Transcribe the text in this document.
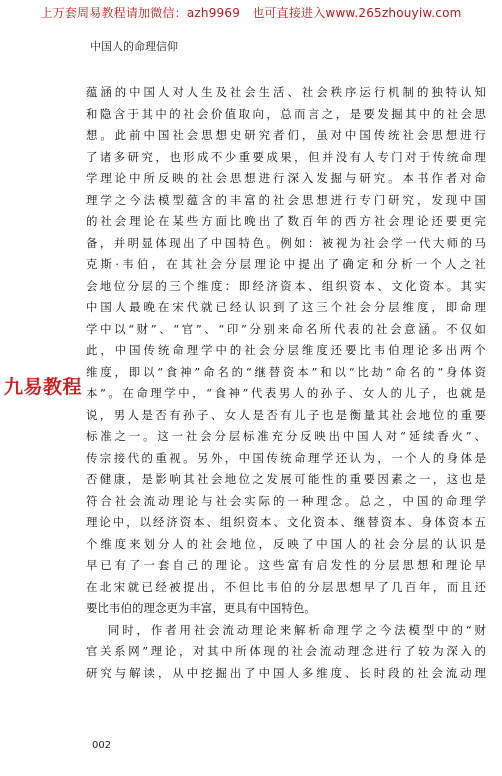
上万套周易教程请加微信：azh9969　也可直接进入www.265zhouyiw.com
中国人的命理信仰
蕴涵的中国人对人生及社会生活、社会秩序运行机制的独特认知
和隐含于其中的社会价值取向，总而言之，是要发掘其中的社会思
想。此前中国社会思想史研究者们，虽对中国传统社会思想进行
了诸多研究，也形成不少重要成果，但并没有人专门对于传统命理
学理论中所反映的社会思想进行深入发掘与研究。本书作者对命
理学之今法模型蕴含的丰富的社会思想进行专门研究，发现中国
的社会理论在某些方面比晚出了数百年的西方社会理论还要更完
备，并明显体现出了中国特色。例如：被视为社会学一代大师的马
克斯·韦伯，在其社会分层理论中提出了确定和分析一个人之社
会地位分层的三个维度：即经济资本、组织资本、文化资本。其实
中国人最晚在宋代就已经认识到了这三个社会分层维度，即命理
学中以“财”、“官”、“印”分别来命名所代表的社会意涵。不仅如
此，中国传统命理学中的社会分层维度还要比韦伯理论多出两个
维度，即以“食神”命名的“继替资本”和以“比劫”命名的“身体资
本”。在命理学中，“食神”代表男人的孙子、女人的儿子，也就是
说，男人是否有孙子、女人是否有儿子也是衡量其社会地位的重要
标准之一。这一社会分层标准充分反映出中国人对“延续香火”、
传宗接代的重视。另外，中国传统命理学还认为，一个人的身体是
否健康，是影响其社会地位之发展可能性的重要因素之一，这也是
符合社会流动理论与社会实际的一种理念。总之，中国的命理学
理论中，以经济资本、组织资本、文化资本、继替资本、身体资本五
个维度来划分人的社会地位，反映了中国人的社会分层的认识是
早已有了一套自己的理论。这些富有启发性的分层思想和理论早
在北宋就已经被提出，不但比韦伯的分层思想早了几百年，而且还
要比韦伯的理念更为丰富，更具有中国特色。
同时，作者用社会流动理论来解析命理学之今法模型中的“财
官关系网”理论，对其中所体现的社会流动理念进行了较为深入的
研究与解读，从中挖掘出了中国人多维度、长时段的社会流动理
九易教程
002
